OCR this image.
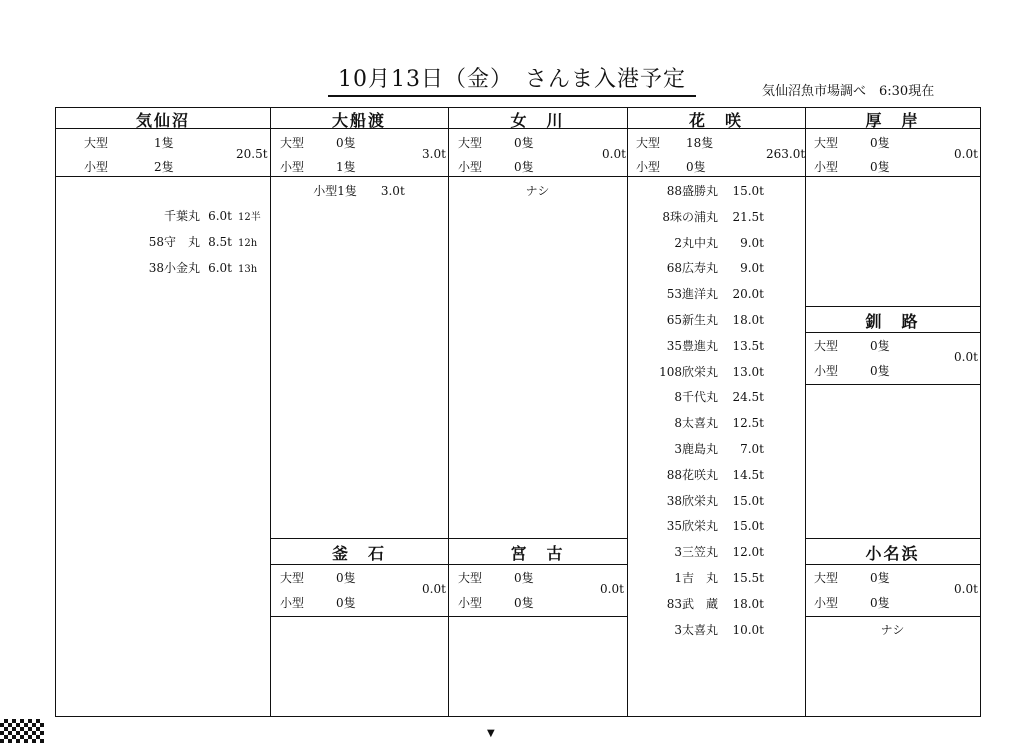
10月13日（金）　さんま入港予定	気仙沼魚市場調べ　6:30現在
気仙沼
大型	1隻
小型	2隻
20.5t
千葉丸 6.0t 12半
58守　丸 8.5t 12h
38小金丸 6.0t 13h
大船渡
大型	0隻
小型	1隻
3.0t
小型1隻　　3.0t
女　川
大型	0隻
小型	0隻
0.0t
ナシ
花　咲
大型 18隻
小型 0隻
263.0t
88盛勝丸 15.0t
8珠の浦丸 21.5t
2丸中丸 9.0t
68広寿丸 9.0t
53進洋丸 20.0t
65新生丸 18.0t
35豊進丸 13.5t
108欣栄丸 13.0t
8千代丸 24.5t
8太喜丸 12.5t
3鹿島丸 7.0t
88花咲丸 14.5t
38欣栄丸 15.0t
35欣栄丸 15.0t
3三笠丸 12.0t
1吉　丸 15.5t
83武　蔵 18.0t
3太喜丸 10.0t
厚　岸
大型	0隻
小型	0隻
0.0t
釧　路
大型	0隻
小型	0隻
0.0t
釜　石
大型	0隻
小型	0隻
0.0t
宮　古
大型	0隻
小型	0隻
0.0t
小名浜
大型	0隻
小型	0隻
0.0t
ナシ
▼
